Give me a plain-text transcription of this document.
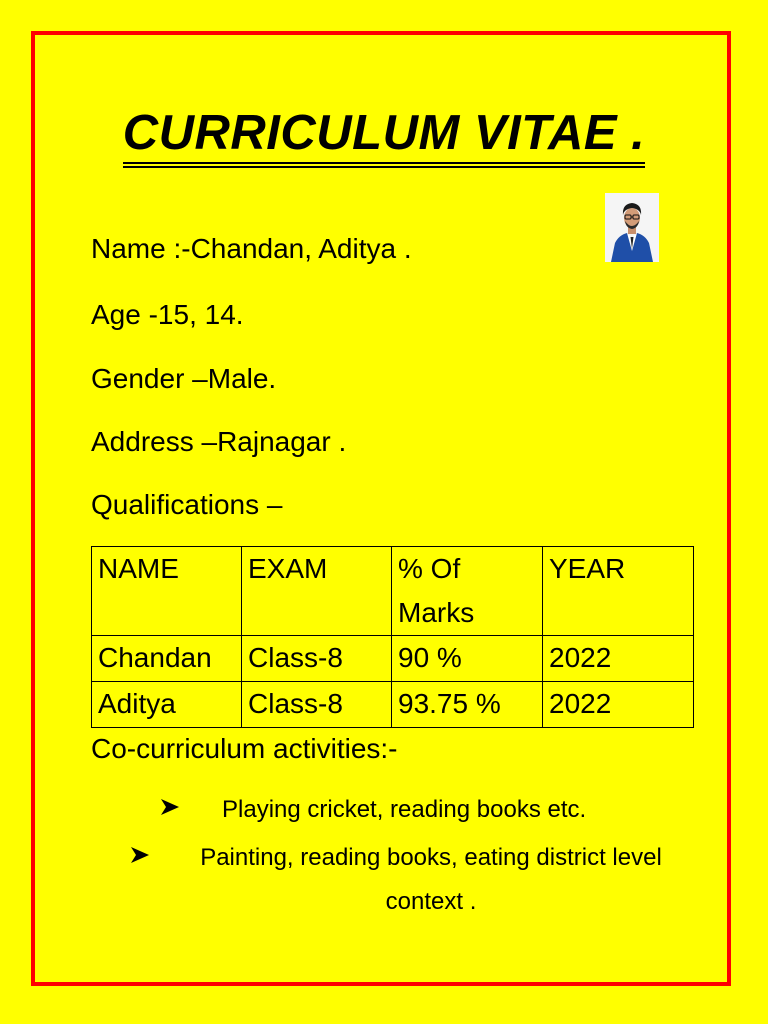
CURRICULUM VITAE .
Name :-Chandan, Aditya .
Age -15, 14.
Gender –Male.
Address –Rajnagar .
Qualifications –
NAME	EXAM	% Of Marks	YEAR
Chandan	Class-8	90 %	2022
Aditya	Class-8	93.75 %	2022
Co-curriculum activities:-
Playing cricket, reading books etc.
Painting, reading books, eating district level context .
